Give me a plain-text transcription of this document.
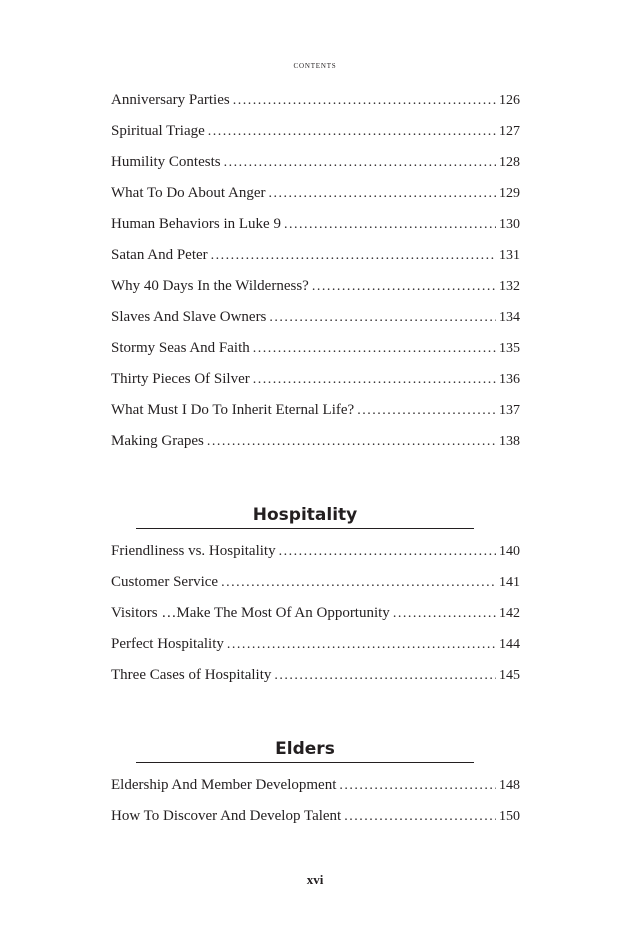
contents
Anniversary Parties . . .	126
Spiritual Triage . . .	127
Humility Contests . . .	128
What To Do About Anger . . .	129
Human Behaviors in Luke 9 . . .	130
Satan And Peter . . .	131
Why 40 Days In the Wilderness? . . .	132
Slaves And Slave Owners . . .	134
Stormy Seas And Faith . . .	135
Thirty Pieces Of Silver . . .	136
What Must I Do To Inherit Eternal Life? . . .	137
Making Grapes . . .	138
Hospitality
Friendliness vs. Hospitality . . .	140
Customer Service . . .	141
Visitors …Make The Most Of An Opportunity . . .	142
Perfect Hospitality . . .	144
Three Cases of Hospitality . . .	145
Elders
Eldership And Member Development . . .	148
How To Discover And Develop Talent . . .	150
xvi
